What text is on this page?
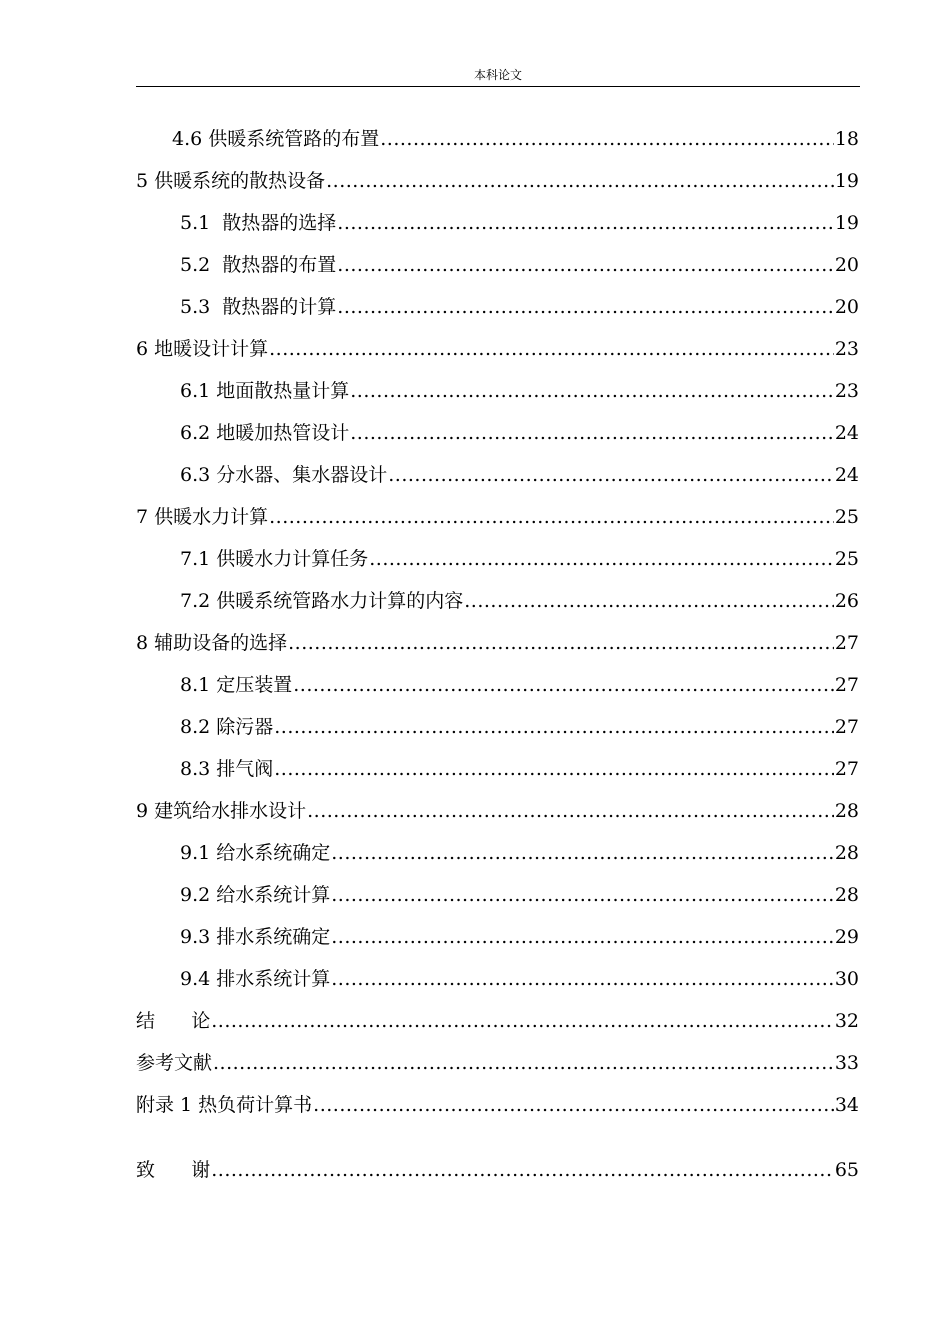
本科论文
4.6 供暖系统管路的布置 .....	18
5 供暖系统的散热设备 .....	19
5.1  散热器的选择 .....	19
5.2  散热器的布置 .....	20
5.3  散热器的计算 .....	20
6 地暖设计计算 .....	23
6.1 地面散热量计算 .....	23
6.2 地暖加热管设计 .....	24
6.3 分水器、集水器设计 .....	24
7 供暖水力计算 .....	25
7.1 供暖水力计算任务 .....	25
7.2 供暖系统管路水力计算的内容 .....	26
8 辅助设备的选择 .....	27
8.1 定压装置 .....	27
8.2 除污器 .....	27
8.3 排气阀 .....	27
9 建筑给水排水设计 .....	28
9.1 给水系统确定 .....	28
9.2 给水系统计算 .....	28
9.3 排水系统确定 .....	29
9.4 排水系统计算 .....	30
结      论 .....	32
参考文献 .....	33
附录 1 热负荷计算书 .....	34
致      谢 .....	65
